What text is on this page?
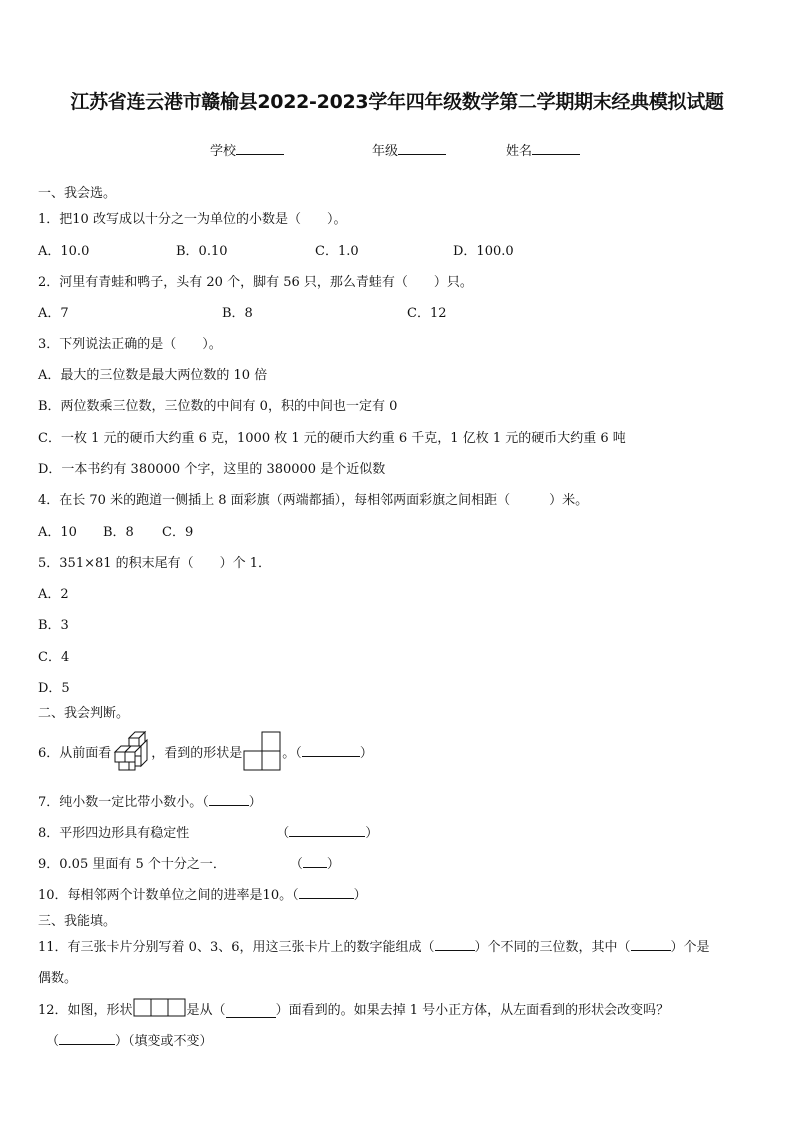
江苏省连云港市赣榆县2022-2023学年四年级数学第二学期期末经典模拟试题
学校	年级	姓名
一、我会选。
1．把10 改写成以十分之一为单位的小数是（　　）。
A．10.0	B．0.10	C．1.0	D．100.0
2．河里有青蛙和鸭子，头有 20 个，脚有 56 只，那么青蛙有（　　）只。
A．7	B．8	C．12
3．下列说法正确的是（　　）。
A．最大的三位数是最大两位数的 10 倍
B．两位数乘三位数，三位数的中间有 0，积的中间也一定有 0
C．一枚 1 元的硬币大约重 6 克，1000 枚 1 元的硬币大约重 6 千克，1 亿枚 1 元的硬币大约重 6 吨
D．一本书约有 380000 个字，这里的 380000 是个近似数
4．在长 70 米的跑道一侧插上 8 面彩旗（两端都插），每相邻两面彩旗之间相距（　　　）米。
A．10 B．8 C．9
5．351×81 的积末尾有（　　）个 1．
A．2
B．3
C．4
D．5
二、我会判断。
6．从前面看	，看到的形状是	。（	）
7．纯小数一定比带小数小。（	）
8．平形四边形具有稳定性	（	）
9．0.05 里面有 5 个十分之一．	（ ）
10．每相邻两个计数单位之间的进率是10。（	）
三、我能填。
11．有三张卡片分别写着 0、3、6，用这三张卡片上的数字能组成（	）个不同的三位数，其中（	）个是
偶数。
12．如图，形状	是从（	）面看到的。如果去掉 1 号小正方体，从左面看到的形状会改变吗？
（	）（填变或不变）
